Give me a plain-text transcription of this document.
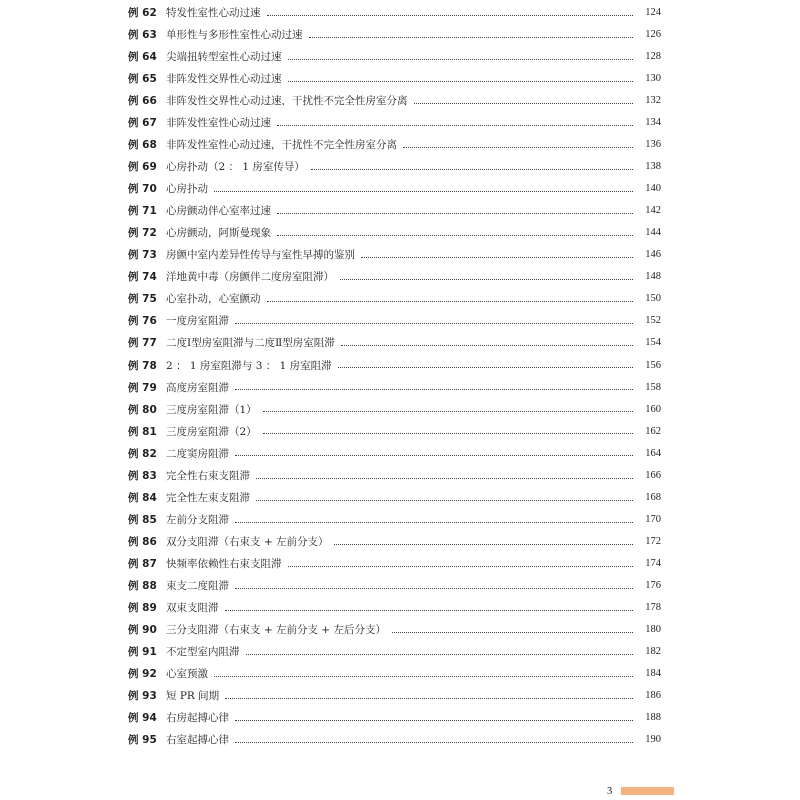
例 62 特发性室性心动过速	124
例 63 单形性与多形性室性心动过速	126
例 64 尖端扭转型室性心动过速	128
例 65 非阵发性交界性心动过速	130
例 66 非阵发性交界性心动过速，干扰性不完全性房室分离	132
例 67 非阵发性室性心动过速	134
例 68 非阵发性室性心动过速，干扰性不完全性房室分离	136
例 69 心房扑动（2 ： 1 房室传导）	138
例 70 心房扑动	140
例 71 心房颤动伴心室率过速	142
例 72 心房颤动，阿斯曼现象	144
例 73 房颤中室内差异性传导与室性早搏的鉴别	146
例 74 洋地黄中毒（房颤伴二度房室阻滞）	148
例 75 心室扑动，心室颤动	150
例 76 一度房室阻滞	152
例 77 二度Ⅰ型房室阻滞与二度Ⅱ型房室阻滞	154
例 78 2 ： 1 房室阻滞与 3 ： 1 房室阻滞	156
例 79 高度房室阻滞	158
例 80 三度房室阻滞（1）	160
例 81 三度房室阻滞（2）	162
例 82 二度窦房阻滞	164
例 83 完全性右束支阻滞	166
例 84 完全性左束支阻滞	168
例 85 左前分支阻滞	170
例 86 双分支阻滞（右束支 + 左前分支）	172
例 87 快频率依赖性右束支阻滞	174
例 88 束支二度阻滞	176
例 89 双束支阻滞	178
例 90 三分支阻滞（右束支 + 左前分支 + 左后分支）	180
例 91 不定型室内阻滞	182
例 92 心室预激	184
例 93 短 PR 间期	186
例 94 右房起搏心律	188
例 95 右室起搏心律	190
3
